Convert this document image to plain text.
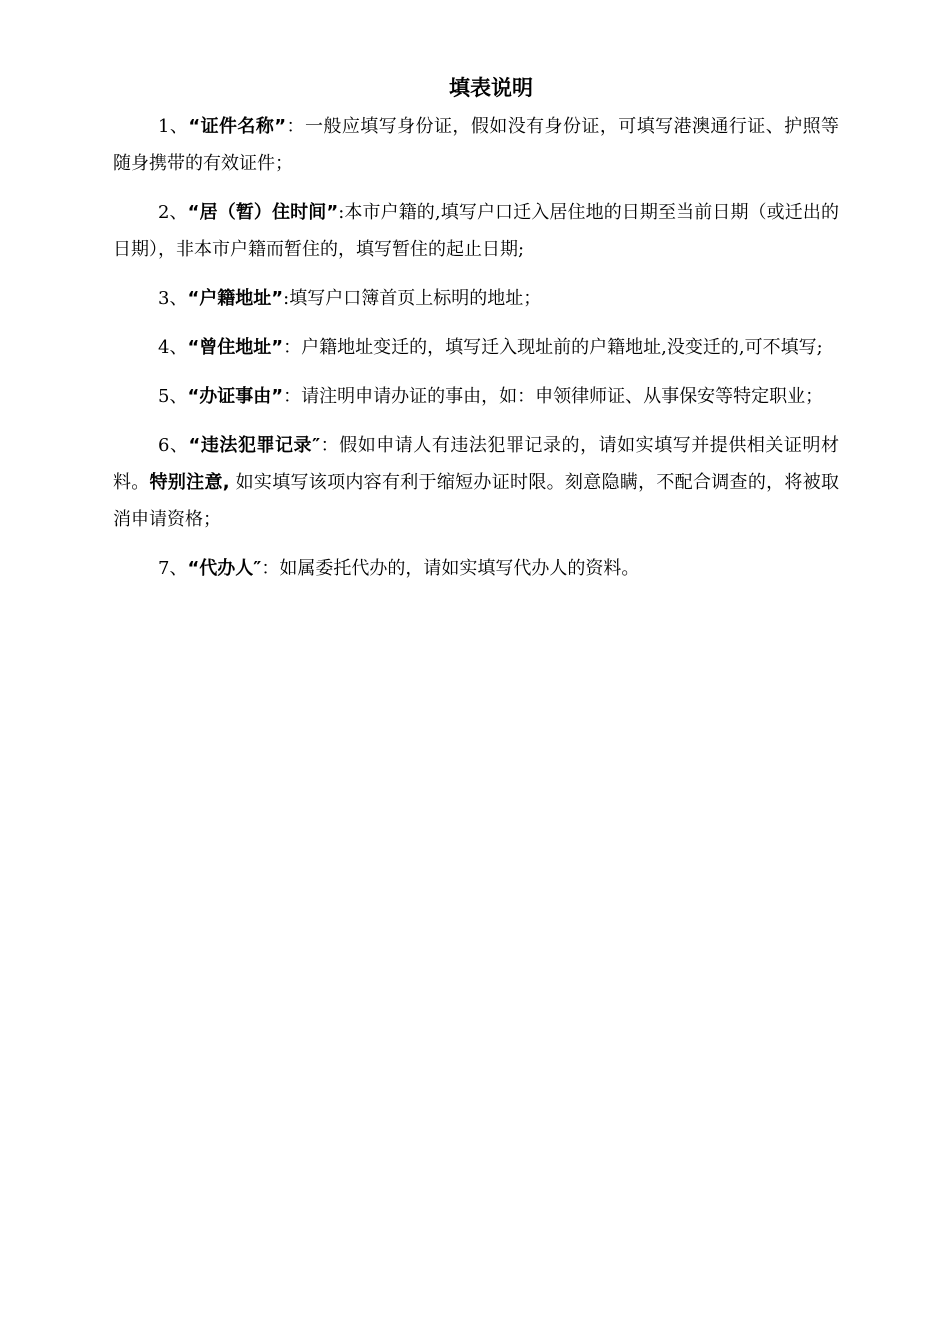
填表说明

1、“证件名称”：一般应填写身份证，假如没有身份证，可填写港澳通行证、护照等随身携带的有效证件；

2、“居（暂）住时间”:本市户籍的,填写户口迁入居住地的日期至当前日期（或迁出的日期），非本市户籍而暂住的，填写暂住的起止日期;

3、“户籍地址”:填写户口簿首页上标明的地址；

4、“曾住地址”：户籍地址变迁的，填写迁入现址前的户籍地址,没变迁的,可不填写;

5、“办证事由”：请注明申请办证的事由，如：申领律师证、从事保安等特定职业；

6、“违法犯罪记录″：假如申请人有违法犯罪记录的，请如实填写并提供相关证明材料。特别注意, 如实填写该项内容有利于缩短办证时限。刻意隐瞒，不配合调查的，将被取消申请资格；

7、“代办人″：如属委托代办的，请如实填写代办人的资料。
